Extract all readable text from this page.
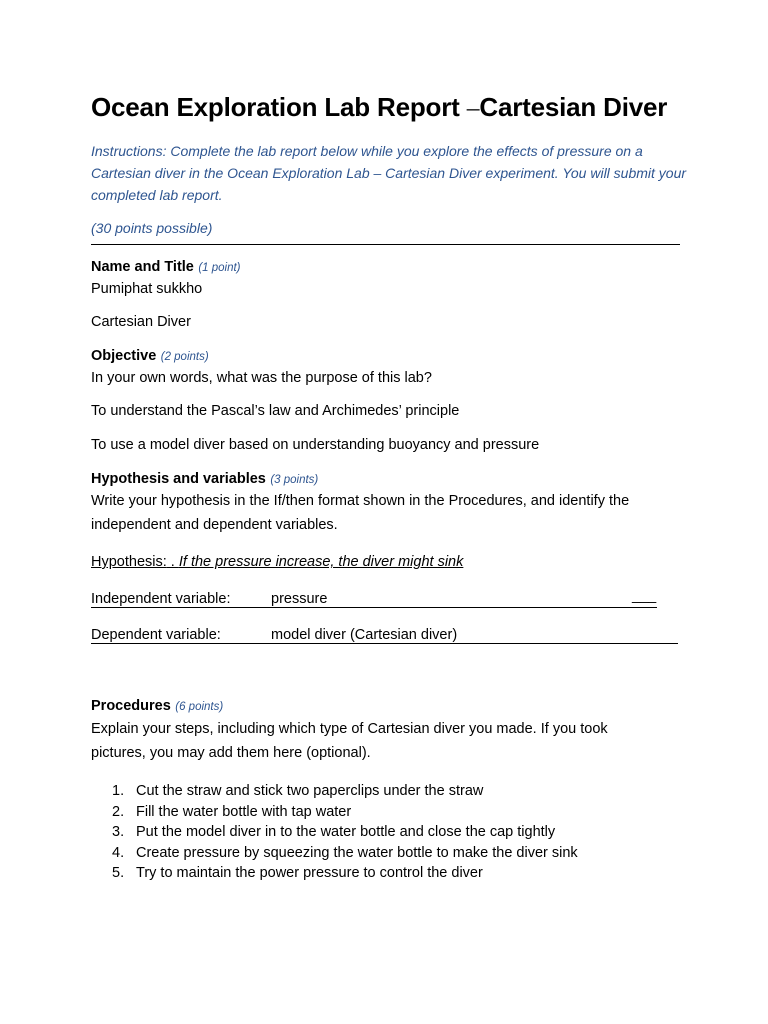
Ocean Exploration Lab Report —Cartesian Diver
Instructions: Complete the lab report below while you explore the effects of pressure on a
Cartesian diver in the Ocean Exploration Lab – Cartesian Diver experiment. You will submit your
completed lab report.
(30 points possible)
Name and Title (1 point)
Pumiphat sukkho
Cartesian Diver
Objective (2 points)
In your own words, what was the purpose of this lab?
To understand the Pascal’s law and Archimedes’ principle
To use a model diver based on understanding buoyancy and pressure
Hypothesis and variables (3 points)
Write your hypothesis in the If/then format shown in the Procedures, and identify the
independent and dependent variables.
Hypothesis: . If the pressure increase, the diver might sink
Independent variable:	pressure	___
Dependent variable:	model diver (Cartesian diver)
Procedures (6 points)
Explain your steps, including which type of Cartesian diver you made. If you took
pictures, you may add them here (optional).
1. Cut the straw and stick two paperclips under the straw
2. Fill the water bottle with tap water
3. Put the model diver in to the water bottle and close the cap tightly
4. Create pressure by squeezing the water bottle to make the diver sink
5. Try to maintain the power pressure to control the diver
